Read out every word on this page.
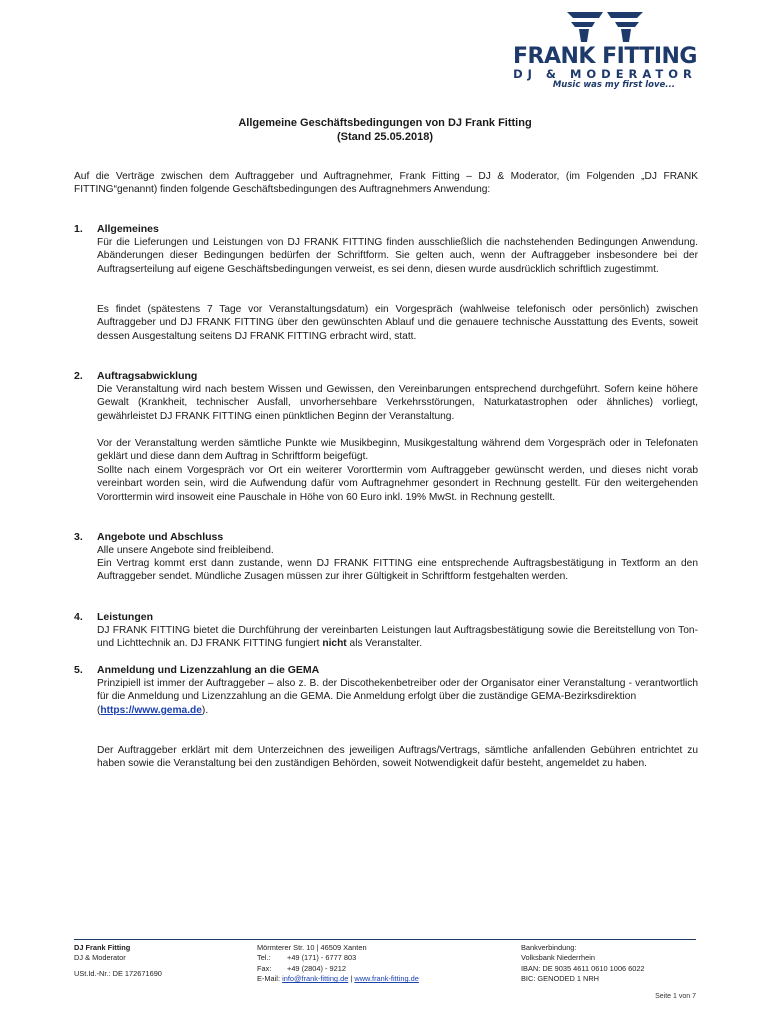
FRANK FITTING
DJ & MODERATOR
Music was my first love...
Allgemeine Geschäftsbedingungen von DJ Frank Fitting
(Stand 25.05.2018)
Auf die Verträge zwischen dem Auftraggeber und Auftragnehmer, Frank Fitting – DJ & Moderator, (im Folgenden „DJ FRANK FITTING“genannt) finden folgende Geschäftsbedingungen des Auftragnehmers Anwendung:
1. Allgemeines
Für die Lieferungen und Leistungen von DJ FRANK FITTING finden ausschließlich die nachstehenden Bedingungen Anwendung. Abänderungen dieser Bedingungen bedürfen der Schriftform. Sie gelten auch, wenn der Auftraggeber insbesondere bei der Auftragserteilung auf eigene Geschäftsbedingungen verweist, es sei denn, diesen wurde ausdrücklich schriftlich zugestimmt.
Es findet (spätestens 7 Tage vor Veranstaltungsdatum) ein Vorgespräch (wahlweise telefonisch oder persönlich) zwischen Auftraggeber und DJ FRANK FITTING über den gewünschten Ablauf und die genauere technische Ausstattung des Events, soweit dessen Ausgestaltung seitens DJ FRANK FITTING erbracht wird, statt.
2. Auftragsabwicklung
Die Veranstaltung wird nach bestem Wissen und Gewissen, den Vereinbarungen entsprechend durchgeführt. Sofern keine höhere Gewalt (Krankheit, technischer Ausfall, unvorhersehbare Verkehrsstörungen, Naturkatastrophen oder ähnliches) vorliegt, gewährleistet DJ FRANK FITTING einen pünktlichen Beginn der Veranstaltung.
Vor der Veranstaltung werden sämtliche Punkte wie Musikbeginn, Musikgestaltung während dem Vorgespräch oder in Telefonaten geklärt und diese dann dem Auftrag in Schriftform beigefügt.
Sollte nach einem Vorgespräch vor Ort ein weiterer Vororttermin vom Auftraggeber gewünscht werden, und dieses nicht vorab vereinbart worden sein, wird die Aufwendung dafür vom Auftragnehmer gesondert in Rechnung gestellt. Für den weitergehenden Vororttermin wird insoweit eine Pauschale in Höhe von 60 Euro inkl. 19% MwSt. in Rechnung gestellt.
3. Angebote und Abschluss
Alle unsere Angebote sind freibleibend.
Ein Vertrag kommt erst dann zustande, wenn DJ FRANK FITTING eine entsprechende Auftragsbestätigung in Textform an den Auftraggeber sendet. Mündliche Zusagen müssen zur ihrer Gültigkeit in Schriftform festgehalten werden.
4. Leistungen
DJ FRANK FITTING bietet die Durchführung der vereinbarten Leistungen laut Auftragsbestätigung sowie die Bereitstellung von Ton- und Lichttechnik an. DJ FRANK FITTING fungiert nicht als Veranstalter.
5. Anmeldung und Lizenzzahlung an die GEMA
Prinzipiell ist immer der Auftraggeber – also z. B. der Discothekenbetreiber oder der Organisator einer Veranstaltung - verantwortlich für die Anmeldung und Lizenzzahlung an die GEMA. Die Anmeldung erfolgt über die zuständige GEMA-Bezirksdirektion
(https://www.gema.de).
Der Auftraggeber erklärt mit dem Unterzeichnen des jeweiligen Auftrags/Vertrags, sämtliche anfallenden Gebühren entrichtet zu haben sowie die Veranstaltung bei den zuständigen Behörden, soweit Notwendigkeit dafür besteht, angemeldet zu haben.
DJ Frank Fitting
DJ & Moderator

USt.Id.-Nr.: DE 172671690
Mörmterer Str. 10 | 46509 Xanten
Tel.: +49 (171) - 6777 803
Fax: +49 (2804) - 9212
E-Mail: info@frank-fitting.de | www.frank-fitting.de
Bankverbindung:
Volksbank Niederrhein
IBAN: DE 9035 4611 0610 1006 6022
BIC: GENODED 1 NRH
Seite 1 von 7
